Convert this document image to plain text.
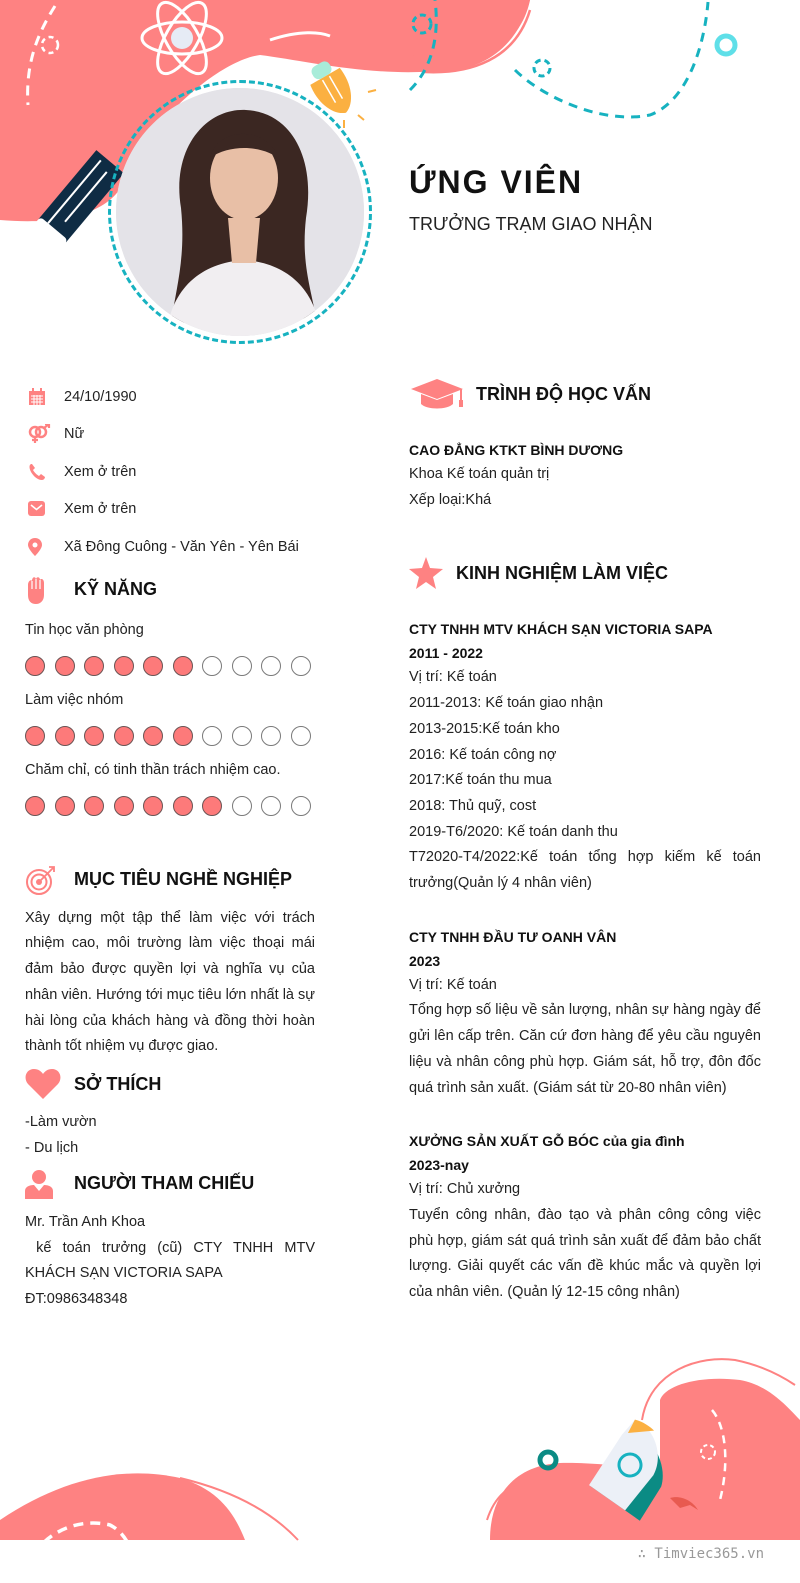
ỨNG VIÊN
TRƯỞNG TRẠM GIAO NHẬN
24/10/1990
Nữ
Xem ở trên
Xem ở trên
Xã Đông Cuông - Văn Yên - Yên Bái
KỸ NĂNG
Tin học văn phòng
Làm việc nhóm
Chăm chỉ, có tinh thần trách nhiệm cao.
MỤC TIÊU NGHỀ NGHIỆP
Xây dựng một tập thể làm việc với trách nhiệm cao, môi trường làm việc thoại mái đảm bảo được quyền lợi và nghĩa vụ của nhân viên. Hướng tới mục tiêu lớn nhất là sự hài lòng của khách hàng và đồng thời hoàn thành tốt nhiệm vụ được giao.
SỞ THÍCH
-Làm vườn
- Du lịch
NGƯỜI THAM CHIẾU
Mr. Trần Anh Khoa
kế toán trưởng (cũ) CTY TNHH MTV KHÁCH SẠN VICTORIA SAPA
ĐT:0986348348
TRÌNH ĐỘ HỌC VẤN
CAO ĐẲNG KTKT BÌNH DƯƠNG
Khoa Kế toán quản trị
Xếp loại:Khá
KINH NGHIỆM LÀM VIỆC
CTY TNHH MTV KHÁCH SẠN VICTORIA SAPA
2011 - 2022
Vị trí: Kế toán
2011-2013: Kế toán giao nhận
2013-2015:Kế toán kho
2016: Kế toán công nợ
2017:Kế toán thu mua
2018: Thủ quỹ, cost
2019-T6/2020: Kế toán danh thu
T72020-T4/2022:Kế toán tổng hợp kiếm kế toán trưởng(Quản lý 4 nhân viên)
CTY TNHH ĐẦU TƯ OANH VÂN
2023
Vị trí: Kế toán
Tổng hợp số liệu về sản lượng, nhân sự hàng ngày để gửi lên cấp trên. Căn cứ đơn hàng để yêu cầu nguyên liệu và nhân công phù hợp. Giám sát, hỗ trợ, đôn đốc quá trình sản xuất. (Giám sát từ 20-80 nhân viên)
XƯỞNG SẢN XUẤT GỖ BÓC của gia đình
2023-nay
Vị trí: Chủ xưởng
Tuyển công nhân, đào tạo và phân công công việc phù hợp, giám sát quá trình sản xuất để đảm bảo chất lượng. Giải quyết các vấn đề khúc mắc và quyền lợi của nhân viên. (Quản lý 12-15 công nhân)
∴ Timviec365.vn
